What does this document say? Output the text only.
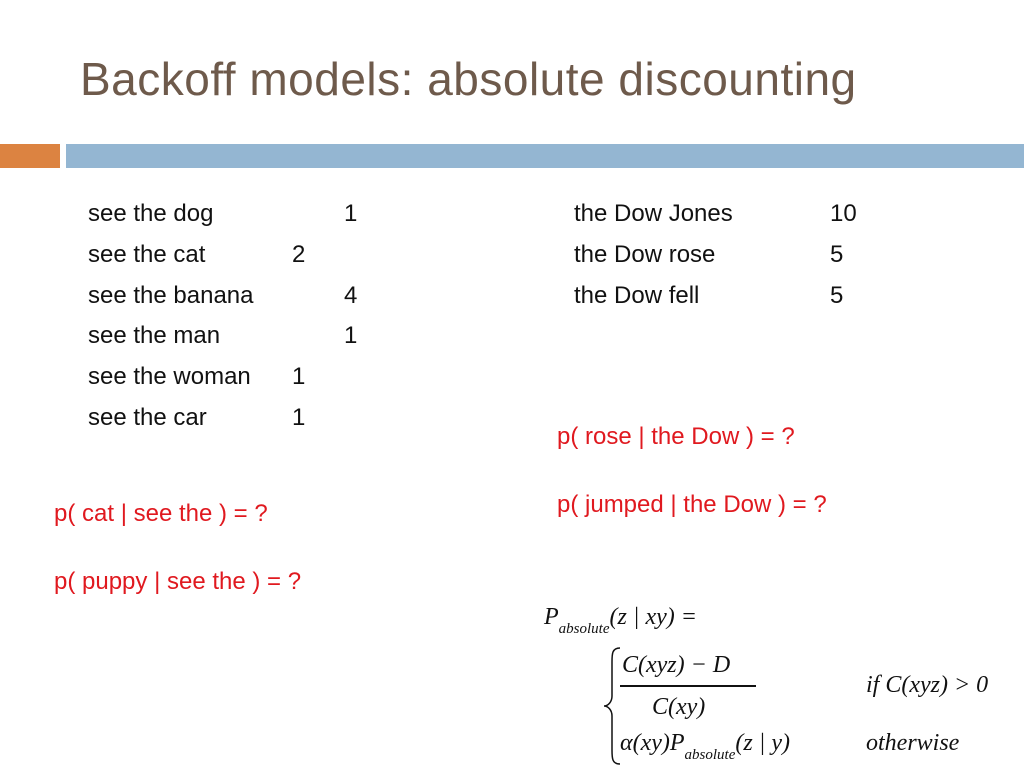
Backoff models: absolute discounting
see the dog	1
see the cat	2
see the banana	4
see the man	1
see the woman 1
see the car	1
the Dow Jones	10
the Dow rose	5
the Dow fell	5
p( rose | the Dow ) = ?
p( jumped | the Dow ) = ?
p( cat | see the ) = ?
p( puppy | see the ) = ?
$P_{absolute}(z$ | xy) =
C(xyz) − D
C(xy)
if C(xyz) > 0
$\alpha(xy)P_{absolute}(z$ | y)	otherwise
